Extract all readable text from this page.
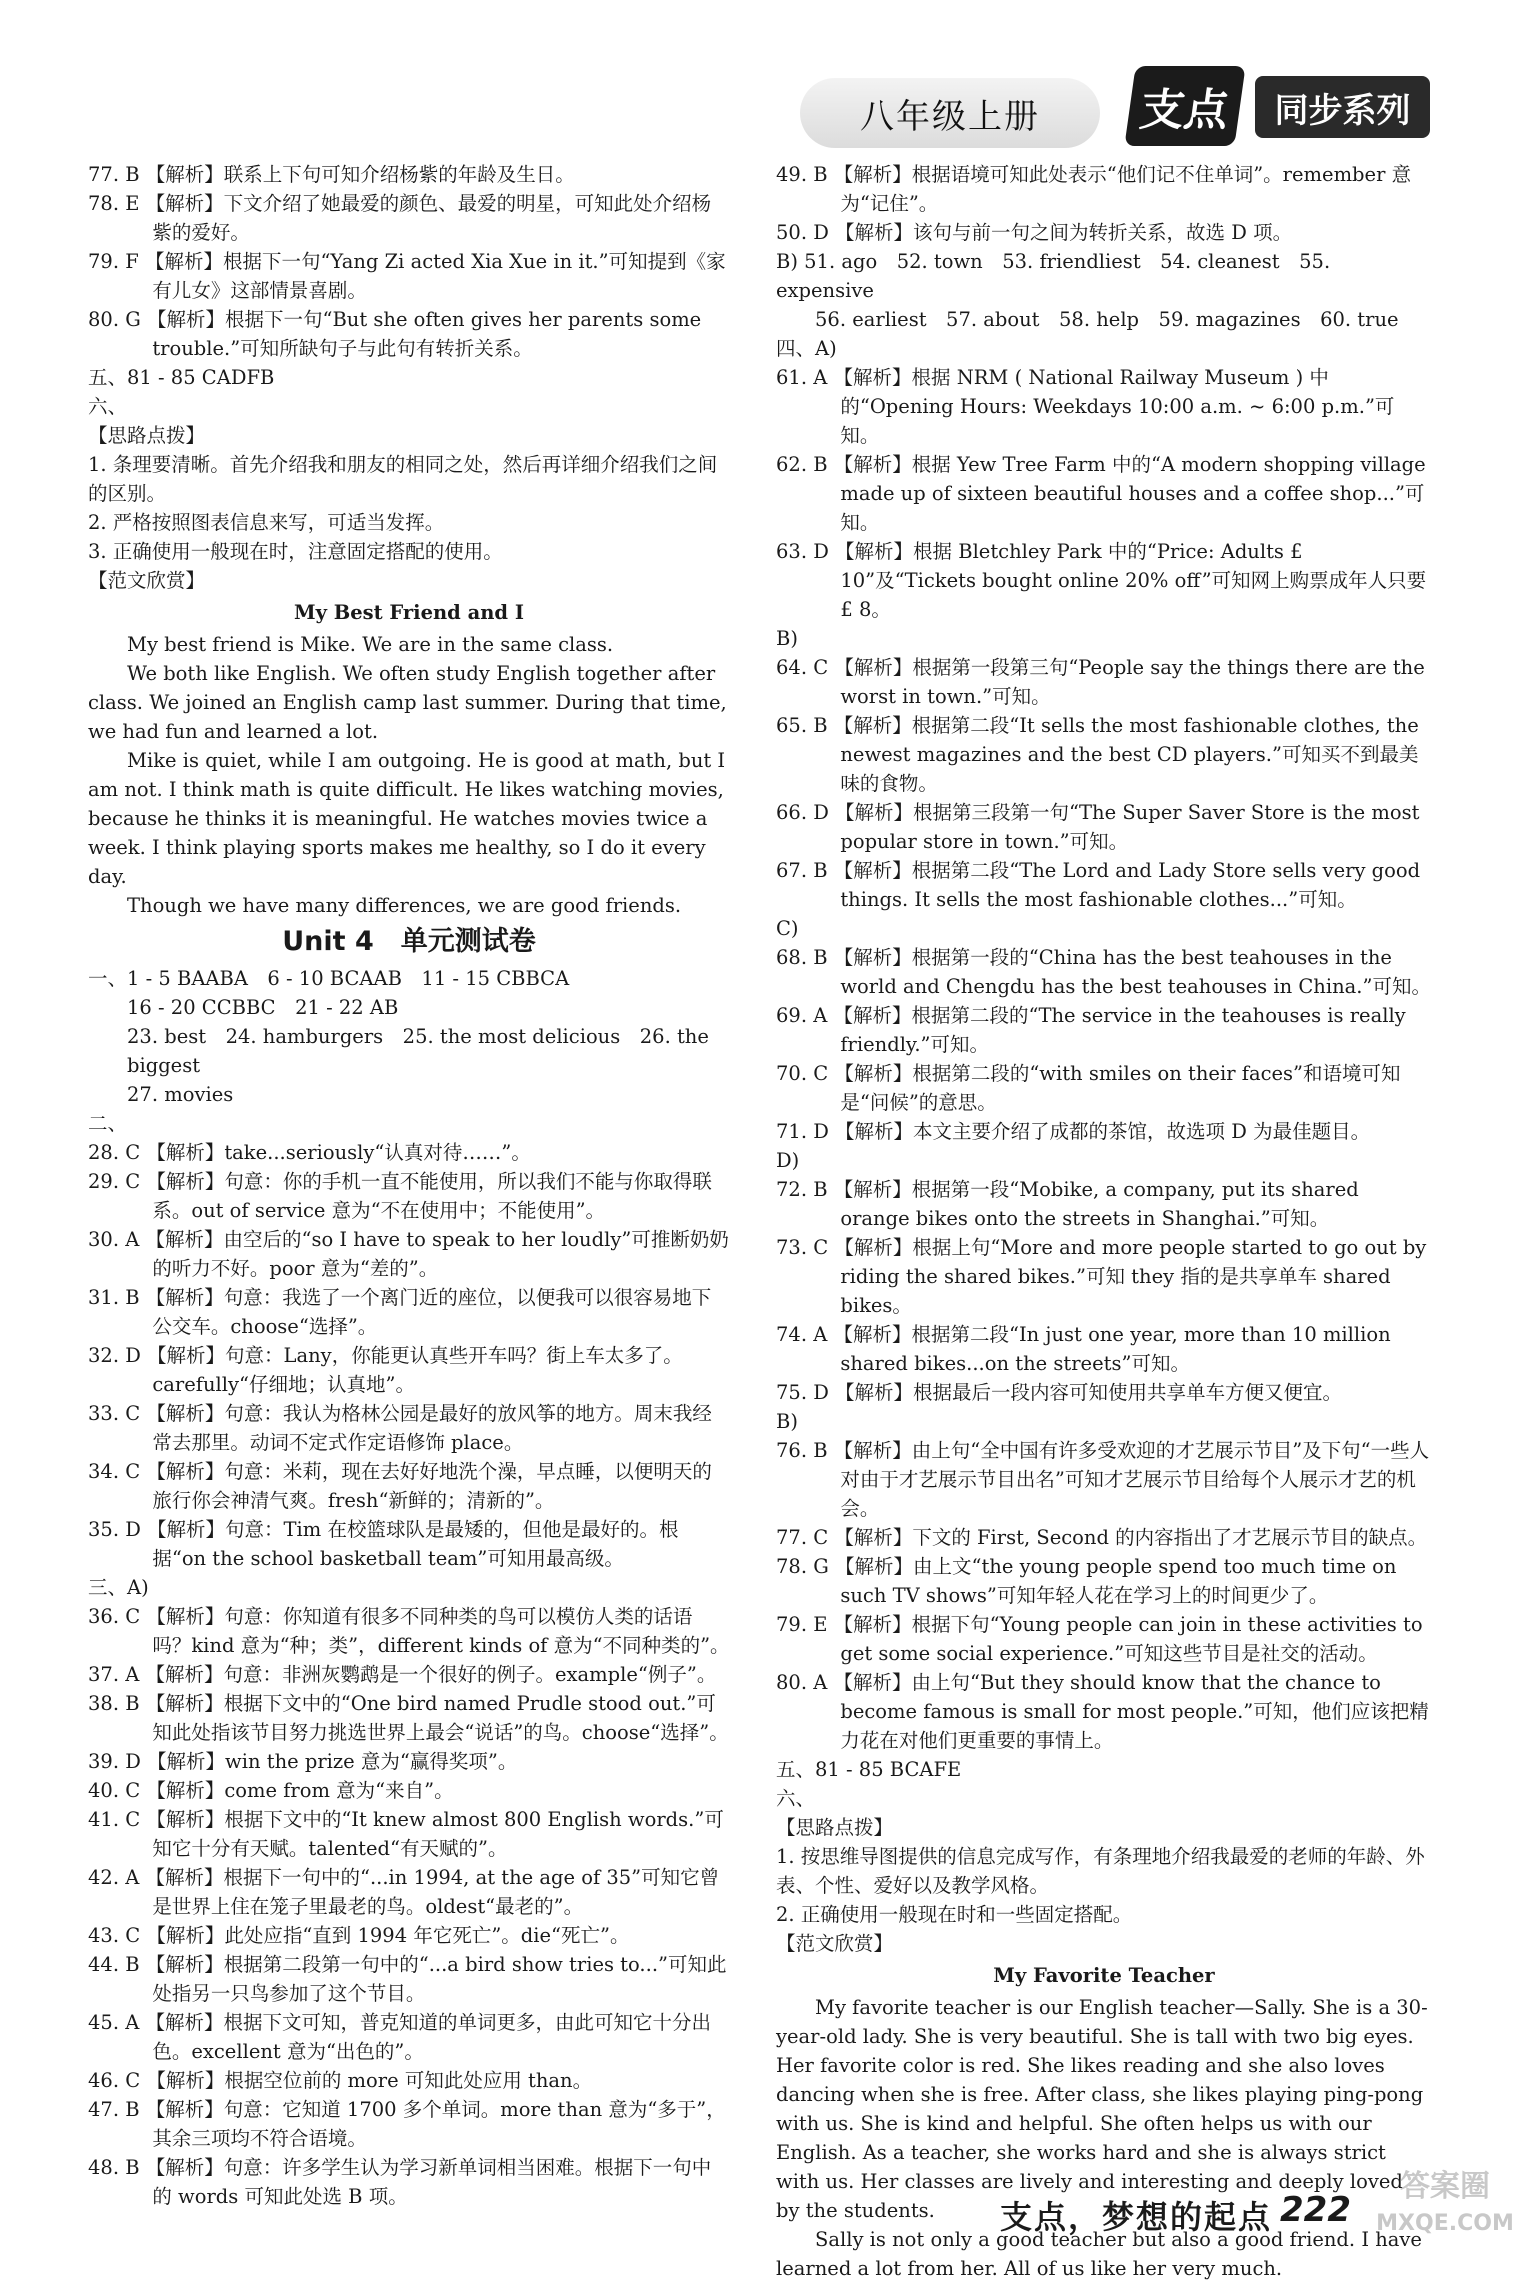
八年级上册	支点	同步系列

77. B 【解析】联系上下句可知介绍杨紫的年龄及生日。

78. E 【解析】下文介绍了她最爱的颜色、最爱的明星，可知此处介绍杨紫的爱好。

79. F 【解析】根据下一句“Yang Zi acted Xia Xue in it.”可知提到《家有儿女》这部情景喜剧。

80. G 【解析】根据下一句“But she often gives her parents some trouble.”可知所缺句子与此句有转折关系。

五、81 - 85 CADFB

六、

【思路点拨】

1. 条理要清晰。首先介绍我和朋友的相同之处，然后再详细介绍我们之间的区别。

2. 严格按照图表信息来写，可适当发挥。

3. 正确使用一般现在时，注意固定搭配的使用。

【范文欣赏】

My Best Friend and I

My best friend is Mike. We are in the same class.

We both like English. We often study English together after class. We joined an English camp last summer. During that time, we had fun and learned a lot.

Mike is quiet, while I am outgoing. He is good at math, but I am not. I think math is quite difficult. He likes watching movies, because he thinks it is meaningful. He watches movies twice a week. I think playing sports makes me healthy, so I do it every day.

Though we have many differences, we are good friends.

Unit 4　单元测试卷

一、1 - 5 BAABA　6 - 10 BCAAB　11 - 15 CBBCA

16 - 20 CCBBC　21 - 22 AB

23. best　24. hamburgers　25. the most delicious　26. the biggest

27. movies

二、

28. C 【解析】take...seriously“认真对待……”。

29. C 【解析】句意：你的手机一直不能使用，所以我们不能与你取得联系。out of service 意为“不在使用中；不能使用”。

30. A 【解析】由空后的“so I have to speak to her loudly”可推断奶奶的听力不好。poor 意为“差的”。

31. B 【解析】句意：我选了一个离门近的座位，以便我可以很容易地下公交车。choose“选择”。

32. D 【解析】句意：Lany，你能更认真些开车吗？街上车太多了。carefully“仔细地；认真地”。

33. C 【解析】句意：我认为格林公园是最好的放风筝的地方。周末我经常去那里。动词不定式作定语修饰 place。

34. C 【解析】句意：米莉，现在去好好地洗个澡，早点睡，以便明天的旅行你会神清气爽。fresh“新鲜的；清新的”。

35. D 【解析】句意：Tim 在校篮球队是最矮的，但他是最好的。根据“on the school basketball team”可知用最高级。

三、A)

36. C 【解析】句意：你知道有很多不同种类的鸟可以模仿人类的话语吗？kind 意为“种；类”，different kinds of 意为“不同种类的”。

37. A 【解析】句意：非洲灰鹦鹉是一个很好的例子。example“例子”。

38. B 【解析】根据下文中的“One bird named Prudle stood out.”可知此处指该节目努力挑选世界上最会“说话”的鸟。choose“选择”。

39. D 【解析】win the prize 意为“赢得奖项”。

40. C 【解析】come from 意为“来自”。

41. C 【解析】根据下文中的“It knew almost 800 English words.”可知它十分有天赋。talented“有天赋的”。

42. A 【解析】根据下一句中的“...in 1994, at the age of 35”可知它曾是世界上住在笼子里最老的鸟。oldest“最老的”。

43. C 【解析】此处应指“直到 1994 年它死亡”。die“死亡”。

44. B 【解析】根据第二段第一句中的“...a bird show tries to...”可知此处指另一只鸟参加了这个节目。

45. A 【解析】根据下文可知，普克知道的单词更多，由此可知它十分出色。excellent 意为“出色的”。

46. C 【解析】根据空位前的 more 可知此处应用 than。

47. B 【解析】句意：它知道 1700 多个单词。more than 意为“多于”，其余三项均不符合语境。

48. B 【解析】句意：许多学生认为学习新单词相当困难。根据下一句中的 words 可知此处选 B 项。

49. B 【解析】根据语境可知此处表示“他们记不住单词”。remember 意为“记住”。

50. D 【解析】该句与前一句之间为转折关系，故选 D 项。

B) 51. ago　52. town　53. friendliest　54. cleanest　55. expensive

56. earliest　57. about　58. help　59. magazines　60. true

四、A)

61. A 【解析】根据 NRM ( National Railway Museum ) 中的“Opening Hours: Weekdays 10:00 a.m. ~ 6:00 p.m.”可知。

62. B 【解析】根据 Yew Tree Farm 中的“A modern shopping village made up of sixteen beautiful houses and a coffee shop...”可知。

63. D 【解析】根据 Bletchley Park 中的“Price: Adults £ 10”及“Tickets bought online 20% off”可知网上购票成年人只要£ 8。

B)

64. C 【解析】根据第一段第三句“People say the things there are the worst in town.”可知。

65. B 【解析】根据第二段“It sells the most fashionable clothes, the newest magazines and the best CD players.”可知买不到最美味的食物。

66. D 【解析】根据第三段第一句“The Super Saver Store is the most popular store in town.”可知。

67. B 【解析】根据第二段“The Lord and Lady Store sells very good things. It sells the most fashionable clothes...”可知。

C)

68. B 【解析】根据第一段的“China has the best teahouses in the world and Chengdu has the best teahouses in China.”可知。

69. A 【解析】根据第二段的“The service in the teahouses is really friendly.”可知。

70. C 【解析】根据第二段的“with smiles on their faces”和语境可知是“问候”的意思。

71. D 【解析】本文主要介绍了成都的茶馆，故选项 D 为最佳题目。

D)

72. B 【解析】根据第一段“Mobike, a company, put its shared orange bikes onto the streets in Shanghai.”可知。

73. C 【解析】根据上句“More and more people started to go out by riding the shared bikes.”可知 they 指的是共享单车 shared bikes。

74. A 【解析】根据第二段“In just one year, more than 10 million shared bikes...on the streets”可知。

75. D 【解析】根据最后一段内容可知使用共享单车方便又便宜。

B)

76. B 【解析】由上句“全中国有许多受欢迎的才艺展示节目”及下句“一些人对由于才艺展示节目出名”可知才艺展示节目给每个人展示才艺的机会。

77. C 【解析】下文的 First, Second 的内容指出了才艺展示节目的缺点。

78. G 【解析】由上文“the young people spend too much time on such TV shows”可知年轻人花在学习上的时间更少了。

79. E 【解析】根据下句“Young people can join in these activities to get some social experience.”可知这些节目是社交的活动。

80. A 【解析】由上句“But they should know that the chance to become famous is small for most people.”可知，他们应该把精力花在对他们更重要的事情上。

五、81 - 85 BCAFE

六、

【思路点拨】

1. 按思维导图提供的信息完成写作，有条理地介绍我最爱的老师的年龄、外表、个性、爱好以及教学风格。

2. 正确使用一般现在时和一些固定搭配。

【范文欣赏】

My Favorite Teacher

My favorite teacher is our English teacher—Sally. She is a 30-year-old lady. She is very beautiful. She is tall with two big eyes. Her favorite color is red. She likes reading and she also loves dancing when she is free. After class, she likes playing ping-pong with us. She is kind and helpful. She often helps us with our English. As a teacher, she works hard and she is always strict with us. Her classes are lively and interesting and deeply loved by the students.

Sally is not only a good teacher but also a good friend. I have learned a lot from her. All of us like her very much.

支点，梦想的起点 222
答案圈
MXQE.COM
